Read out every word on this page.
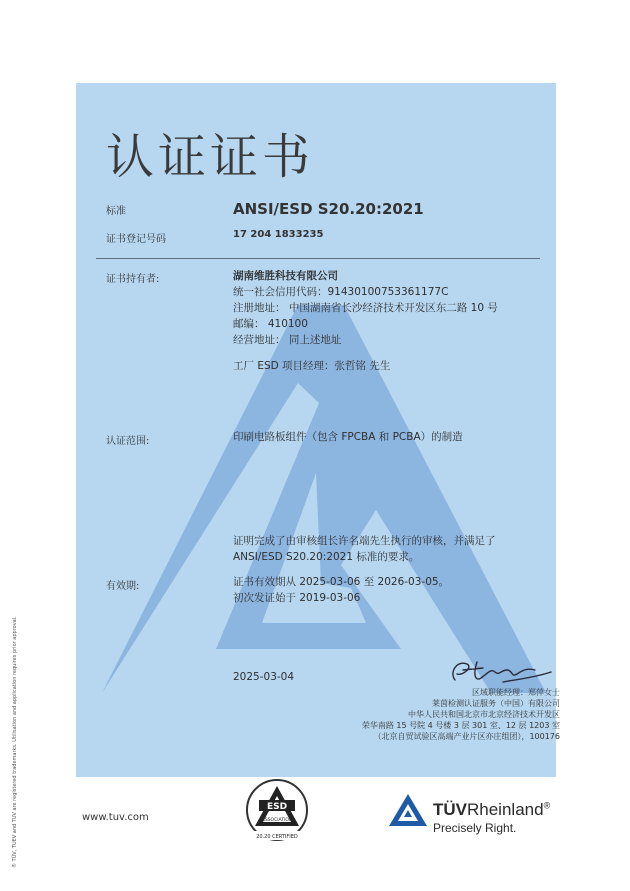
认证证书
标准	ANSI/ESD S20.20:2021
证书登记号码	17 204 1833235
证书持有者:	湖南维胜科技有限公司
统一社会信用代码：91430100753361177C
注册地址： 中国湖南省长沙经济技术开发区东二路 10 号
邮编： 410100
经营地址： 同上述地址
工厂 ESD 项目经理：张哲铭 先生
认证范围:	印刷电路板组件（包含 FPCBA 和 PCBA）的制造
证明完成了由审核组长许名端先生执行的审核，并满足了
ANSI/ESD S20.20:2021 标准的要求。
有效期:	证书有效期从 2025-03-06 至 2026-03-05。
初次发证始于 2019-03-06
2025-03-04
区域职能经理：郑萍女士
莱茵检测认证服务（中国）有限公司
中华人民共和国北京市北京经济技术开发区
荣华南路 15 号院 4 号楼 3 层 301 室、12 层 1203 室
（北京自贸试验区高端产业片区亦庄组团），100176
® TÜV, TUEV and TUV are registered trademarks. Utilisation and application requires prior approval.	www.tuv.com
ESD
ASSOCIATION
20.20 CERTIFIED
TÜVRheinland®
Precisely Right.
